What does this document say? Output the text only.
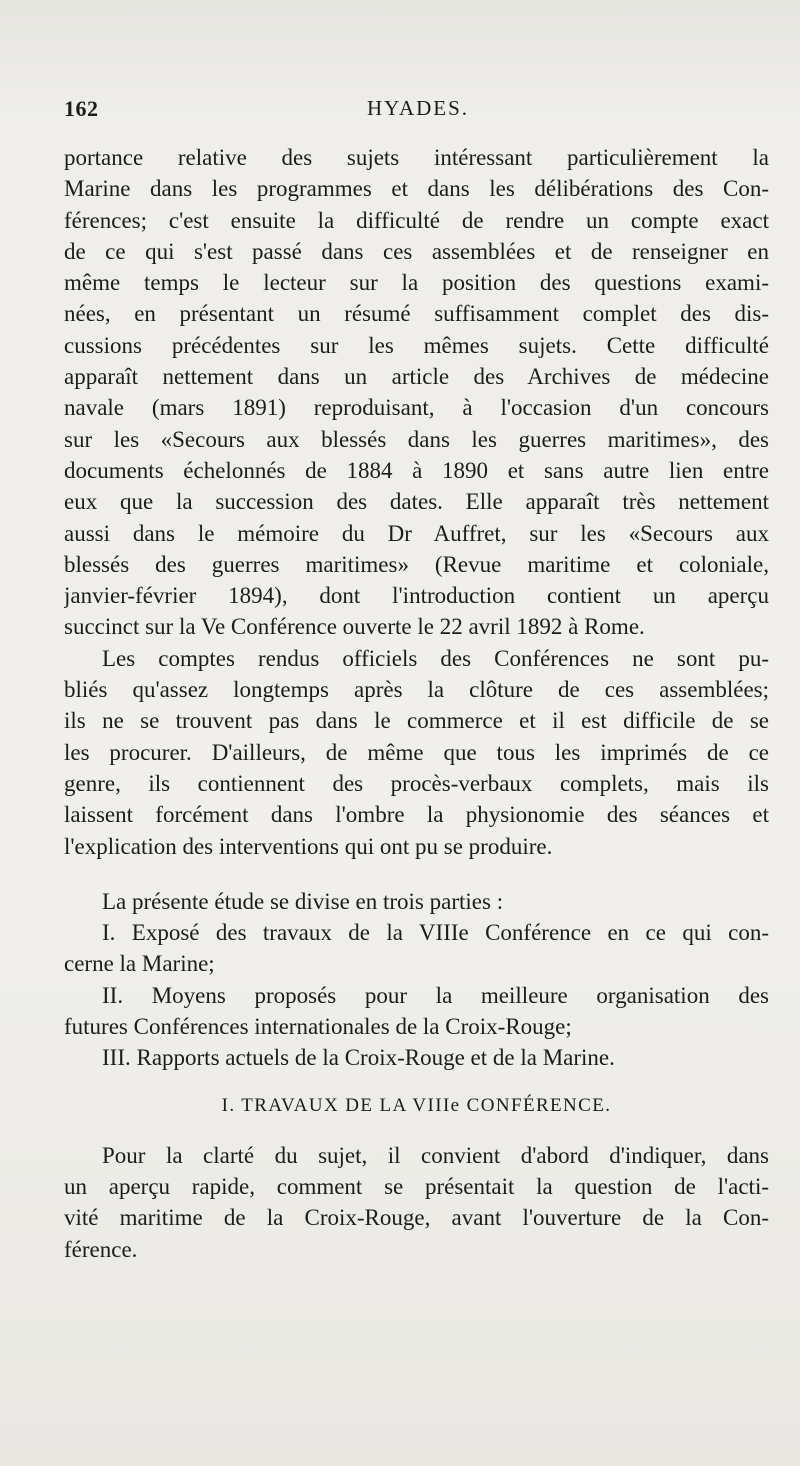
162	HYADES.
portance relative des sujets intéressant particulièrement la
Marine dans les programmes et dans les délibérations des Con-
férences; c'est ensuite la difficulté de rendre un compte exact
de ce qui s'est passé dans ces assemblées et de renseigner en
même temps le lecteur sur la position des questions exami-
nées, en présentant un résumé suffisamment complet des dis-
cussions précédentes sur les mêmes sujets. Cette difficulté
apparaît nettement dans un article des Archives de médecine
navale (mars 1891) reproduisant, à l'occasion d'un concours
sur les «Secours aux blessés dans les guerres maritimes», des
documents échelonnés de 1884 à 1890 et sans autre lien entre
eux que la succession des dates. Elle apparaît très nettement
aussi dans le mémoire du Dr Auffret, sur les «Secours aux
blessés des guerres maritimes» (Revue maritime et coloniale,
janvier-février 1894), dont l'introduction contient un aperçu
succinct sur la Ve Conférence ouverte le 22 avril 1892 à Rome.
Les comptes rendus officiels des Conférences ne sont pu-
bliés qu'assez longtemps après la clôture de ces assemblées;
ils ne se trouvent pas dans le commerce et il est difficile de se
les procurer. D'ailleurs, de même que tous les imprimés de ce
genre, ils contiennent des procès-verbaux complets, mais ils
laissent forcément dans l'ombre la physionomie des séances et
l'explication des interventions qui ont pu se produire.
La présente étude se divise en trois parties :
I. Exposé des travaux de la VIIIe Conférence en ce qui con-
cerne la Marine;
II. Moyens proposés pour la meilleure organisation des
futures Conférences internationales de la Croix-Rouge;
III. Rapports actuels de la Croix-Rouge et de la Marine.
I. TRAVAUX DE LA VIIIe CONFÉRENCE.
Pour la clarté du sujet, il convient d'abord d'indiquer, dans
un aperçu rapide, comment se présentait la question de l'acti-
vité maritime de la Croix-Rouge, avant l'ouverture de la Con-
férence.
